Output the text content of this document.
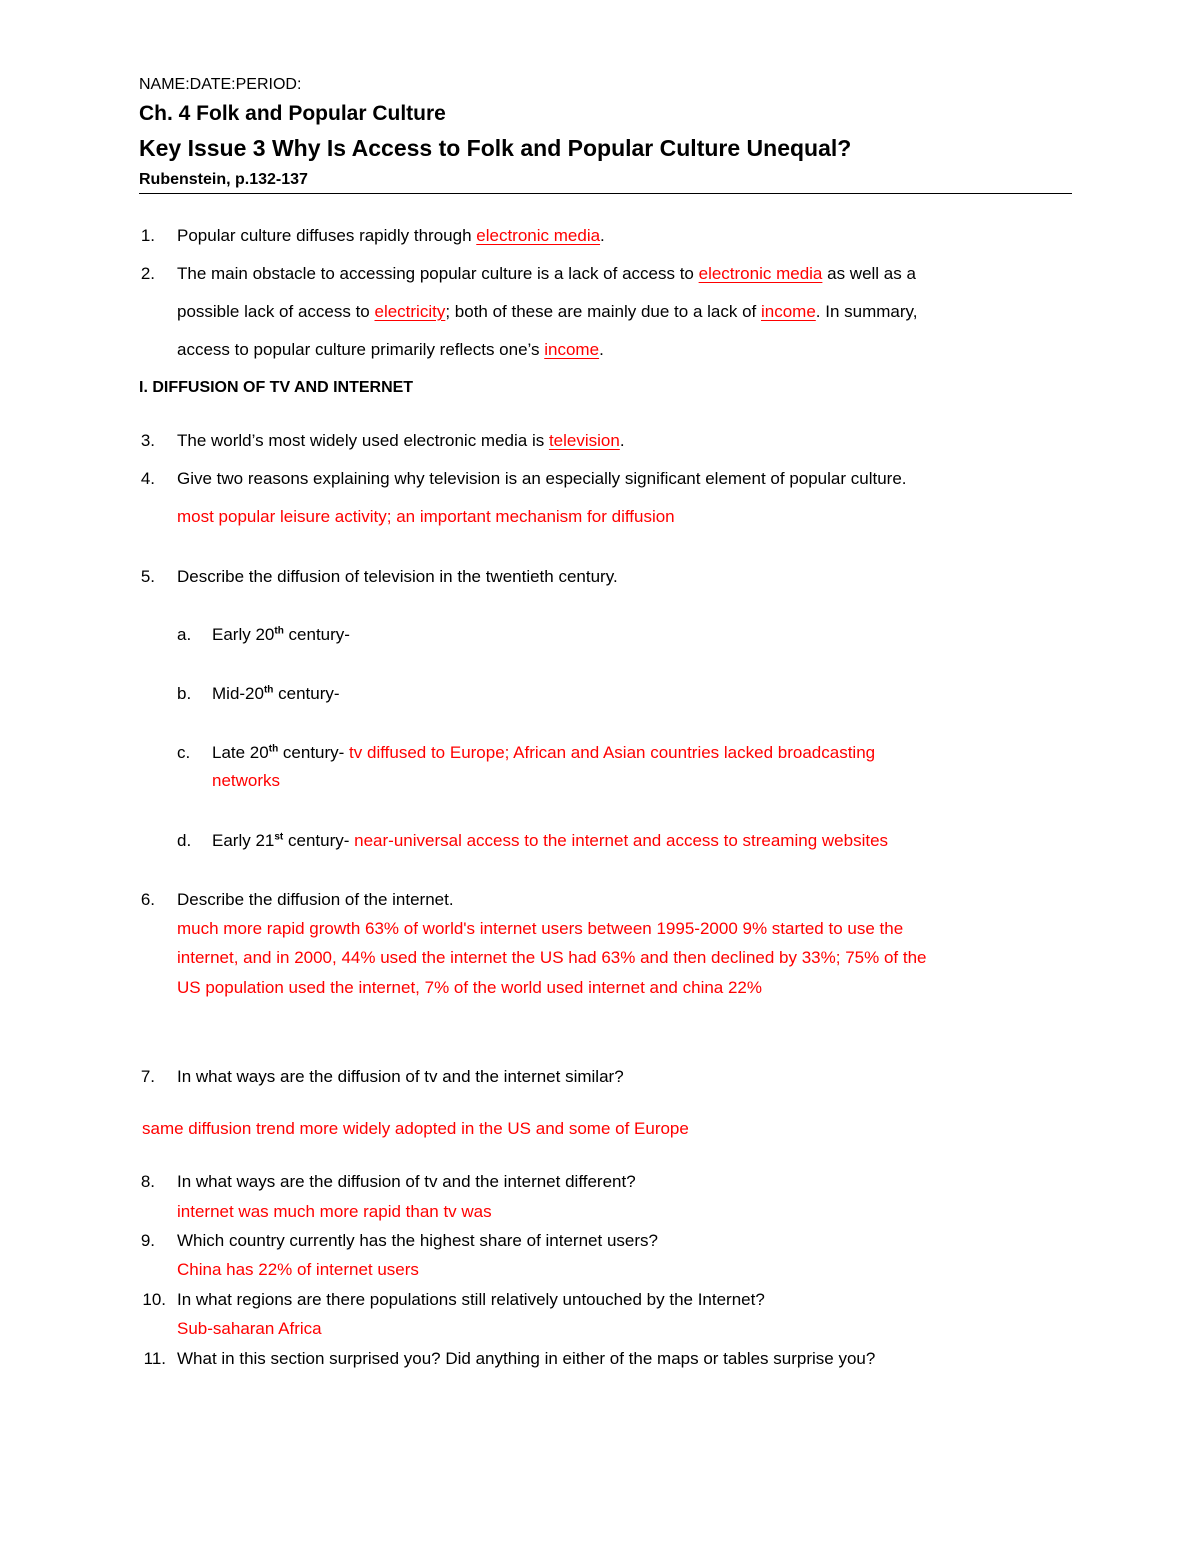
NAME:DATE:PERIOD:
Ch. 4 Folk and Popular Culture
Key Issue 3 Why Is Access to Folk and Popular Culture Unequal?
Rubenstein, p.132-137
1. Popular culture diffuses rapidly through electronic media.
2. The main obstacle to accessing popular culture is a lack of access to electronic media as well as a
possible lack of access to electricity; both of these are mainly due to a lack of income. In summary,
access to popular culture primarily reflects one’s income.
I. DIFFUSION OF TV AND INTERNET
3. The world’s most widely used electronic media is television.
4. Give two reasons explaining why television is an especially significant element of popular culture.
most popular leisure activity; an important mechanism for diffusion
5. Describe the diffusion of television in the twentieth century.
a. Early 20th century-
b. Mid-20th century-
c. Late 20th century- tv diffused to Europe; African and Asian countries lacked broadcasting
networks
d. Early 21st century- near-universal access to the internet and access to streaming websites
6. Describe the diffusion of the internet.
much more rapid growth 63% of world's internet users between 1995-2000 9% started to use the
internet, and in 2000, 44% used the internet the US had 63% and then declined by 33%; 75% of the
US population used the internet, 7% of the world used internet and china 22%
7. In what ways are the diffusion of tv and the internet similar?
same diffusion trend more widely adopted in the US and some of Europe
8. In what ways are the diffusion of tv and the internet different?
internet was much more rapid than tv was
9. Which country currently has the highest share of internet users?
China has 22% of internet users
10. In what regions are there populations still relatively untouched by the Internet?
Sub-saharan Africa
11. What in this section surprised you? Did anything in either of the maps or tables surprise you?
